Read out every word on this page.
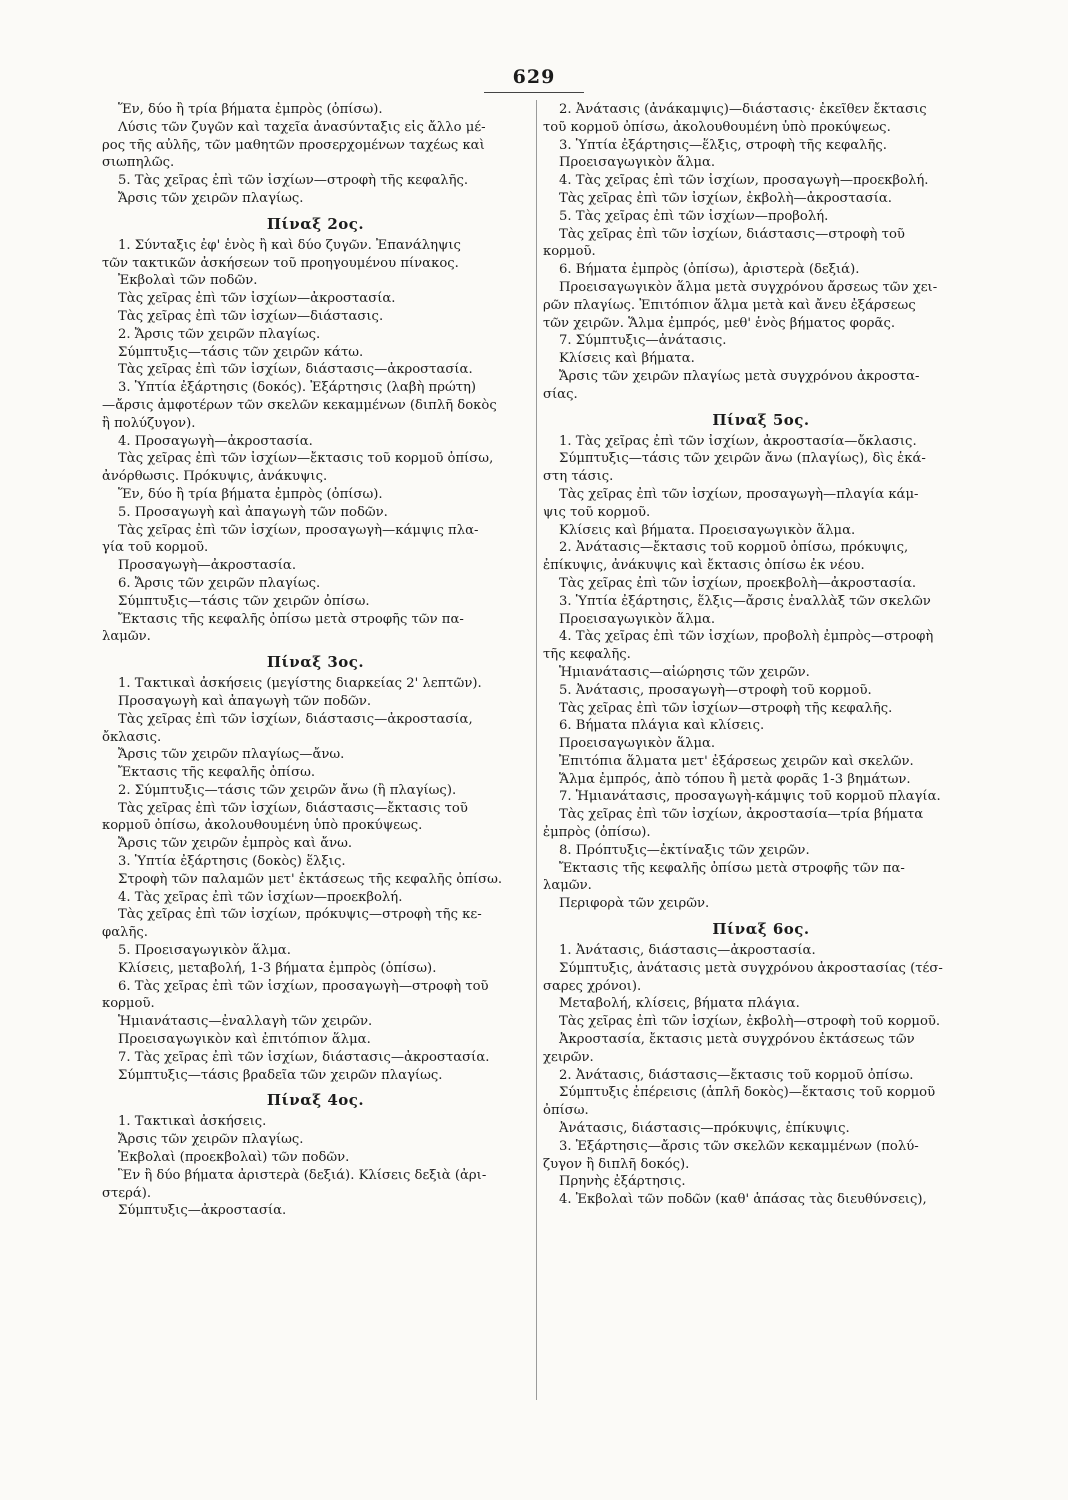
629
Ἕν, δύο ἢ τρία βήματα ἐμπρὸς (ὀπίσω).
Λύσις τῶν ζυγῶν καὶ ταχεῖα ἀνασύνταξις εἰς ἄλλο μέ-
ρος τῆς αὐλῆς, τῶν μαθητῶν προσερχομένων ταχέως καὶ
σιωπηλῶς.
5. Τὰς χεῖρας ἐπὶ τῶν ἰσχίων—στροφὴ τῆς κεφαλῆς.
Ἄρσις τῶν χειρῶν πλαγίως.
Πίναξ 2ος.
1. Σύνταξις ἐφ' ἑνὸς ἢ καὶ δύο ζυγῶν. Ἐπανάληψις
τῶν τακτικῶν ἀσκήσεων τοῦ προηγουμένου πίνακος.
Ἐκβολαὶ τῶν ποδῶν.
Τὰς χεῖρας ἐπὶ τῶν ἰσχίων—ἀκροστασία.
Τὰς χεῖρας ἐπὶ τῶν ἰσχίων—διάστασις.
2. Ἄρσις τῶν χειρῶν πλαγίως.
Σύμπτυξις—τάσις τῶν χειρῶν κάτω.
Τὰς χεῖρας ἐπὶ τῶν ἰσχίων, διάστασις—ἀκροστασία.
3. Ὑπτία ἐξάρτησις (δοκός). Ἐξάρτησις (λαβὴ πρώτη)
—ἄρσις ἀμφοτέρων τῶν σκελῶν κεκαμμένων (διπλῆ δοκὸς
ἢ πολύζυγον).
4. Προσαγωγὴ—ἀκροστασία.
Τὰς χεῖρας ἐπὶ τῶν ἰσχίων—ἔκτασις τοῦ κορμοῦ ὀπίσω,
ἀνόρθωσις. Πρόκυψις, ἀνάκυψις.
Ἕν, δύο ἢ τρία βήματα ἐμπρὸς (ὀπίσω).
5. Προσαγωγὴ καὶ ἀπαγωγὴ τῶν ποδῶν.
Τὰς χεῖρας ἐπὶ τῶν ἰσχίων, προσαγωγὴ—κάμψις πλα-
γία τοῦ κορμοῦ.
Προσαγωγὴ—ἀκροστασία.
6. Ἄρσις τῶν χειρῶν πλαγίως.
Σύμπτυξις—τάσις τῶν χειρῶν ὀπίσω.
Ἔκτασις τῆς κεφαλῆς ὀπίσω μετὰ στροφῆς τῶν πα-
λαμῶν.
Πίναξ 3ος.
1. Τακτικαὶ ἀσκήσεις (μεγίστης διαρκείας 2' λεπτῶν).
Προσαγωγὴ καὶ ἀπαγωγὴ τῶν ποδῶν.
Τὰς χεῖρας ἐπὶ τῶν ἰσχίων, διάστασις—ἀκροστασία,
ὄκλασις.
Ἄρσις τῶν χειρῶν πλαγίως—ἄνω.
Ἔκτασις τῆς κεφαλῆς ὀπίσω.
2. Σύμπτυξις—τάσις τῶν χειρῶν ἄνω (ἢ πλαγίως).
Τὰς χεῖρας ἐπὶ τῶν ἰσχίων, διάστασις—ἔκτασις τοῦ
κορμοῦ ὀπίσω, ἀκολουθουμένη ὑπὸ προκύψεως.
Ἄρσις τῶν χειρῶν ἐμπρὸς καὶ ἄνω.
3. Ὑπτία ἐξάρτησις (δοκὸς) ἕλξις.
Στροφὴ τῶν παλαμῶν μετ' ἐκτάσεως τῆς κεφαλῆς ὀπίσω.
4. Τὰς χεῖρας ἐπὶ τῶν ἰσχίων—προεκβολή.
Τὰς χεῖρας ἐπὶ τῶν ἰσχίων, πρόκυψις—στροφὴ τῆς κε-
φαλῆς.
5. Προεισαγωγικὸν ἅλμα.
Κλίσεις, μεταβολή, 1-3 βήματα ἐμπρὸς (ὀπίσω).
6. Τὰς χεῖρας ἐπὶ τῶν ἰσχίων, προσαγωγὴ—στροφὴ τοῦ
κορμοῦ.
Ἡμιανάτασις—ἐναλλαγὴ τῶν χειρῶν.
Προεισαγωγικὸν καὶ ἐπιτόπιον ἅλμα.
7. Τὰς χεῖρας ἐπὶ τῶν ἰσχίων, διάστασις—ἀκροστασία.
Σύμπτυξις—τάσις βραδεῖα τῶν χειρῶν πλαγίως.
Πίναξ 4ος.
1. Τακτικαὶ ἀσκήσεις.
Ἄρσις τῶν χειρῶν πλαγίως.
Ἐκβολαὶ (προεκβολαὶ) τῶν ποδῶν.
Ἓν ἢ δύο βήματα ἀριστερὰ (δεξιά). Κλίσεις δεξιὰ (ἀρι-
στερά).
Σύμπτυξις—ἀκροστασία.
2. Ἀνάτασις (ἀνάκαμψις)—διάστασις· ἐκεῖθεν ἔκτασις
τοῦ κορμοῦ ὀπίσω, ἀκολουθουμένη ὑπὸ προκύψεως.
3. Ὑπτία ἐξάρτησις—ἕλξις, στροφὴ τῆς κεφαλῆς.
Προεισαγωγικὸν ἅλμα.
4. Τὰς χεῖρας ἐπὶ τῶν ἰσχίων, προσαγωγὴ—προεκβολή.
Τὰς χεῖρας ἐπὶ τῶν ἰσχίων, ἐκβολὴ—ἀκροστασία.
5. Τὰς χεῖρας ἐπὶ τῶν ἰσχίων—προβολή.
Τὰς χεῖρας ἐπὶ τῶν ἰσχίων, διάστασις—στροφὴ τοῦ
κορμοῦ.
6. Βήματα ἐμπρὸς (ὀπίσω), ἀριστερὰ (δεξιά).
Προεισαγωγικὸν ἅλμα μετὰ συγχρόνου ἄρσεως τῶν χει-
ρῶν πλαγίως. Ἐπιτόπιον ἅλμα μετὰ καὶ ἄνευ ἐξάρσεως
τῶν χειρῶν. Ἅλμα ἐμπρός, μεθ' ἑνὸς βήματος φορᾶς.
7. Σύμπτυξις—ἀνάτασις.
Κλίσεις καὶ βήματα.
Ἄρσις τῶν χειρῶν πλαγίως μετὰ συγχρόνου ἀκροστα-
σίας.
Πίναξ 5ος.
1. Τὰς χεῖρας ἐπὶ τῶν ἰσχίων, ἀκροστασία—ὄκλασις.
Σύμπτυξις—τάσις τῶν χειρῶν ἄνω (πλαγίως), δὶς ἑκά-
στη τάσις.
Τὰς χεῖρας ἐπὶ τῶν ἰσχίων, προσαγωγὴ—πλαγία κάμ-
ψις τοῦ κορμοῦ.
Κλίσεις καὶ βήματα. Προεισαγωγικὸν ἅλμα.
2. Ἀνάτασις—ἔκτασις τοῦ κορμοῦ ὀπίσω, πρόκυψις,
ἐπίκυψις, ἀνάκυψις καὶ ἔκτασις ὀπίσω ἐκ νέου.
Τὰς χεῖρας ἐπὶ τῶν ἰσχίων, προεκβολὴ—ἀκροστασία.
3. Ὑπτία ἐξάρτησις, ἕλξις—ἄρσις ἐναλλὰξ τῶν σκελῶν
Προεισαγωγικὸν ἅλμα.
4. Τὰς χεῖρας ἐπὶ τῶν ἰσχίων, προβολὴ ἐμπρὸς—στροφὴ
τῆς κεφαλῆς.
Ἡμιανάτασις—αἰώρησις τῶν χειρῶν.
5. Ἀνάτασις, προσαγωγὴ—στροφὴ τοῦ κορμοῦ.
Τὰς χεῖρας ἐπὶ τῶν ἰσχίων—στροφὴ τῆς κεφαλῆς.
6. Βήματα πλάγια καὶ κλίσεις.
Προεισαγωγικὸν ἅλμα.
Ἐπιτόπια ἅλματα μετ' ἐξάρσεως χειρῶν καὶ σκελῶν.
Ἅλμα ἐμπρός, ἀπὸ τόπου ἢ μετὰ φορᾶς 1-3 βημάτων.
7. Ἡμιανάτασις, προσαγωγὴ-κάμψις τοῦ κορμοῦ πλαγία.
Τὰς χεῖρας ἐπὶ τῶν ἰσχίων, ἀκροστασία—τρία βήματα
ἐμπρὸς (ὀπίσω).
8. Πρόπτυξις—ἐκτίναξις τῶν χειρῶν.
Ἔκτασις τῆς κεφαλῆς ὀπίσω μετὰ στροφῆς τῶν πα-
λαμῶν.
Περιφορὰ τῶν χειρῶν.
Πίναξ 6ος.
1. Ἀνάτασις, διάστασις—ἀκροστασία.
Σύμπτυξις, ἀνάτασις μετὰ συγχρόνου ἀκροστασίας (τέσ-
σαρες χρόνοι).
Μεταβολή, κλίσεις, βήματα πλάγια.
Τὰς χεῖρας ἐπὶ τῶν ἰσχίων, ἐκβολὴ—στροφὴ τοῦ κορμοῦ.
Ἀκροστασία, ἔκτασις μετὰ συγχρόνου ἐκτάσεως τῶν
χειρῶν.
2. Ἀνάτασις, διάστασις—ἔκτασις τοῦ κορμοῦ ὀπίσω.
Σύμπτυξις ἐπέρεισις (ἁπλῆ δοκὸς)—ἔκτασις τοῦ κορμοῦ
ὀπίσω.
Ἀνάτασις, διάστασις—πρόκυψις, ἐπίκυψις.
3. Ἐξάρτησις—ἄρσις τῶν σκελῶν κεκαμμένων (πολύ-
ζυγον ἢ διπλῆ δοκός).
Πρηνὴς ἐξάρτησις.
4. Ἐκβολαὶ τῶν ποδῶν (καθ' ἁπάσας τὰς διευθύνσεις),
